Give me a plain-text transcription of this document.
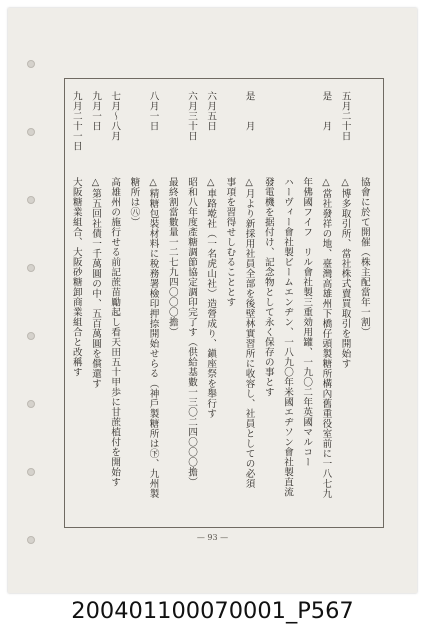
協會に於て開催（株主配當年一割）
五月二十日
△博多取引所、當社株式賣買取引を開始す
是　　月
△當社發祥の地、臺灣高雄州下橋仔頭製糖所構內舊重役室前に一八七九
年佛國フイフ　リル會社製三重効用罐、一九〇二年英國マルコー
ハーヴィー會社製ビームエンヂン、一八九〇年米國エヂソン會社製直流
發電機を据付け、記念物として永く保存の事とす
是　　月
△月より新採用社員全部を後壁林實習所に收容し、社員としての必須
事項を習得せしむることとす
六月五日
△車路墘社（一名虎山社）造營成り、鎭座祭を舉行す
六月三十日
昭和八年度產糖調節協定調印完了す（供給基數一三〇二四〇〇〇擔）
最終割當數量一二七九四〇〇〇擔）
八月一日
△精糖包裝材料に稅務署檢印押捺開始せらる（神戶製糖所は㊦、九州製
糖所は㊇）
七月〜八月
高雄州の施行せる前記蔗苗勵起し看天田五十甲歩に甘蔗植付を開始す
九月一日
△第五回社債一千萬圓の中、五百萬圓を償還す
九月二十一日
大阪糖業組合、大阪砂糖卸商業組合と改稱す
— 93 —
200401100070001_P567
